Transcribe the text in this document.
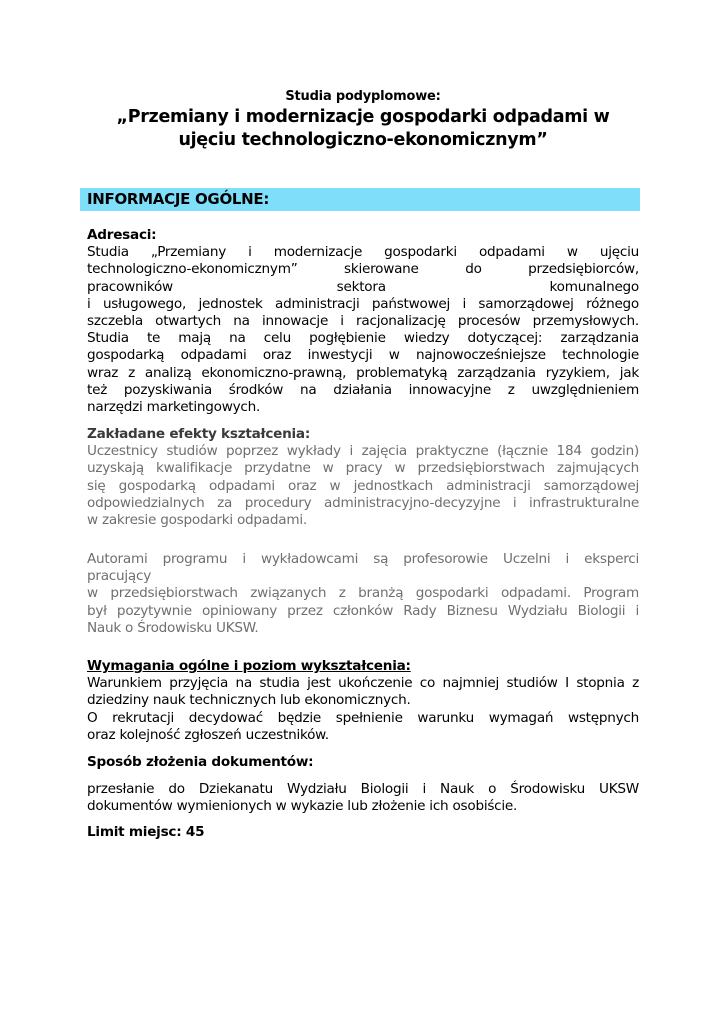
Studia podyplomowe:
„Przemiany i modernizacje gospodarki odpadami w
ujęciu technologiczno-ekonomicznym”
INFORMACJE OGÓLNE:
Adresaci:
Studia „Przemiany i modernizacje gospodarki odpadami w ujęciu
technologiczno-ekonomicznym” skierowane do przedsiębiorców,
pracowników sektora komunalnego
i usługowego, jednostek administracji państwowej i samorządowej różnego
szczebla otwartych na innowacje i racjonalizację procesów przemysłowych.
Studia te mają na celu pogłębienie wiedzy dotyczącej: zarządzania
gospodarką odpadami oraz inwestycji w najnowocześniejsze technologie
wraz z analizą ekonomiczno-prawną, problematyką zarządzania ryzykiem, jak
też pozyskiwania środków na działania innowacyjne z uwzględnieniem
narzędzi marketingowych.
Zakładane efekty kształcenia:
Uczestnicy studiów poprzez wykłady i zajęcia praktyczne (łącznie 184 godzin)
uzyskają kwalifikacje przydatne w pracy w przedsiębiorstwach zajmujących
się gospodarką odpadami oraz w jednostkach administracji samorządowej
odpowiedzialnych za procedury administracyjno-decyzyjne i infrastrukturalne
w zakresie gospodarki odpadami.
Autorami programu i wykładowcami są profesorowie Uczelni i eksperci
pracujący
w przedsiębiorstwach związanych z branżą gospodarki odpadami. Program
był pozytywnie opiniowany przez członków Rady Biznesu Wydziału Biologii i
Nauk o Środowisku UKSW.
Wymagania ogólne i poziom wykształcenia:
Warunkiem przyjęcia na studia jest ukończenie co najmniej studiów I stopnia z
dziedziny nauk technicznych lub ekonomicznych.
O rekrutacji decydować będzie spełnienie warunku wymagań wstępnych
oraz kolejność zgłoszeń uczestników.
Sposób złożenia dokumentów:
przesłanie do Dziekanatu Wydziału Biologii i Nauk o Środowisku UKSW
dokumentów wymienionych w wykazie lub złożenie ich osobiście.
Limit miejsc: 45
